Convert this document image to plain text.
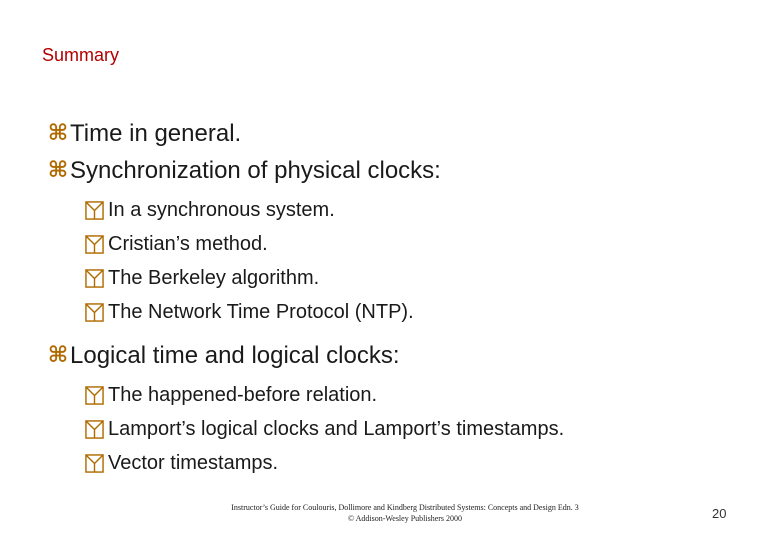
Summary
⌘ Time in general.
⌘ Synchronization of physical clocks:
In a synchronous system.
Cristian’s method.
The Berkeley algorithm.
The Network Time Protocol (NTP).
⌘ Logical time and logical clocks:
The happened-before relation.
Lamport’s logical clocks and Lamport’s timestamps.
Vector timestamps.
Instructor’s Guide for Coulouris, Dollimore and Kindberg Distributed Systems: Concepts and Design Edn. 3
© Addison-Wesley Publishers 2000	20
